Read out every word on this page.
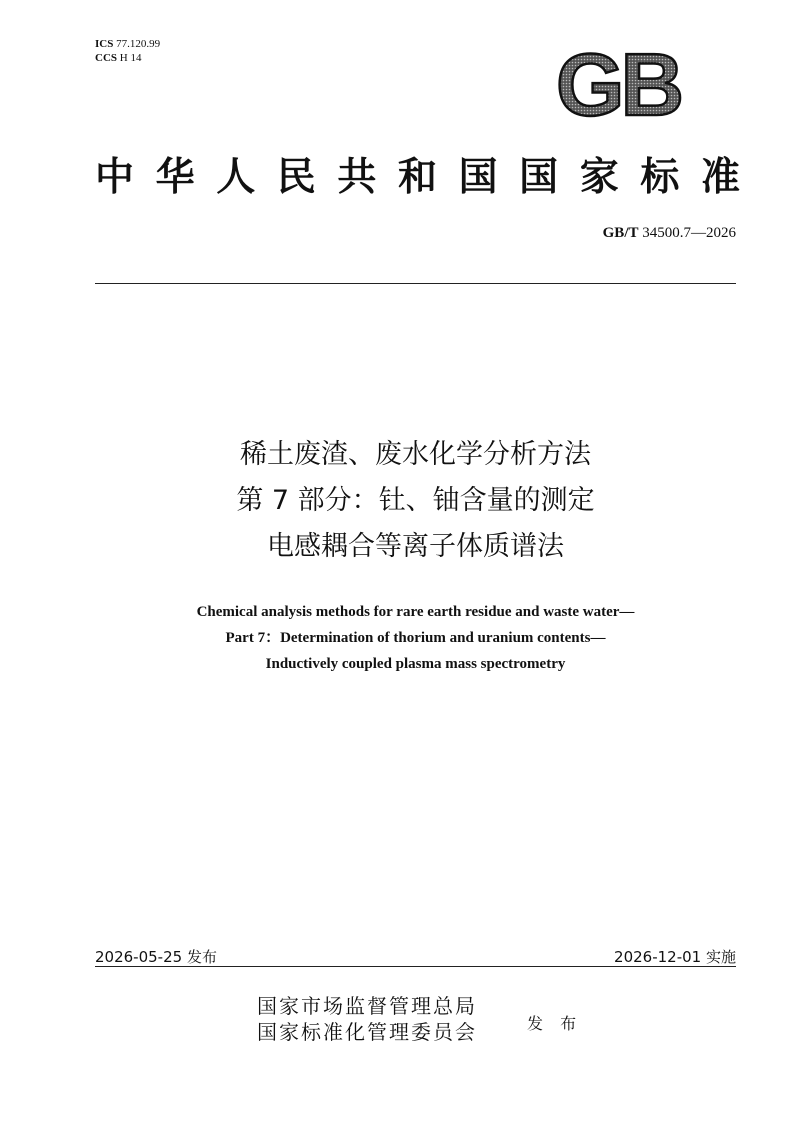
ICS 77.120.99
CCS H 14	GB
中 华 人 民 共 和 国 国 家 标 准
GB/T 34500.7—2026
稀土废渣、废水化学分析方法
第 7 部分：钍、铀含量的测定
电感耦合等离子体质谱法
Chemical analysis methods for rare earth residue and waste water—
Part 7：Determination of thorium and uranium contents—
Inductively coupled plasma mass spectrometry
2026-05-25 发布	2026-12-01 实施
国家市场监督管理总局
国家标准化管理委员会	发 布
